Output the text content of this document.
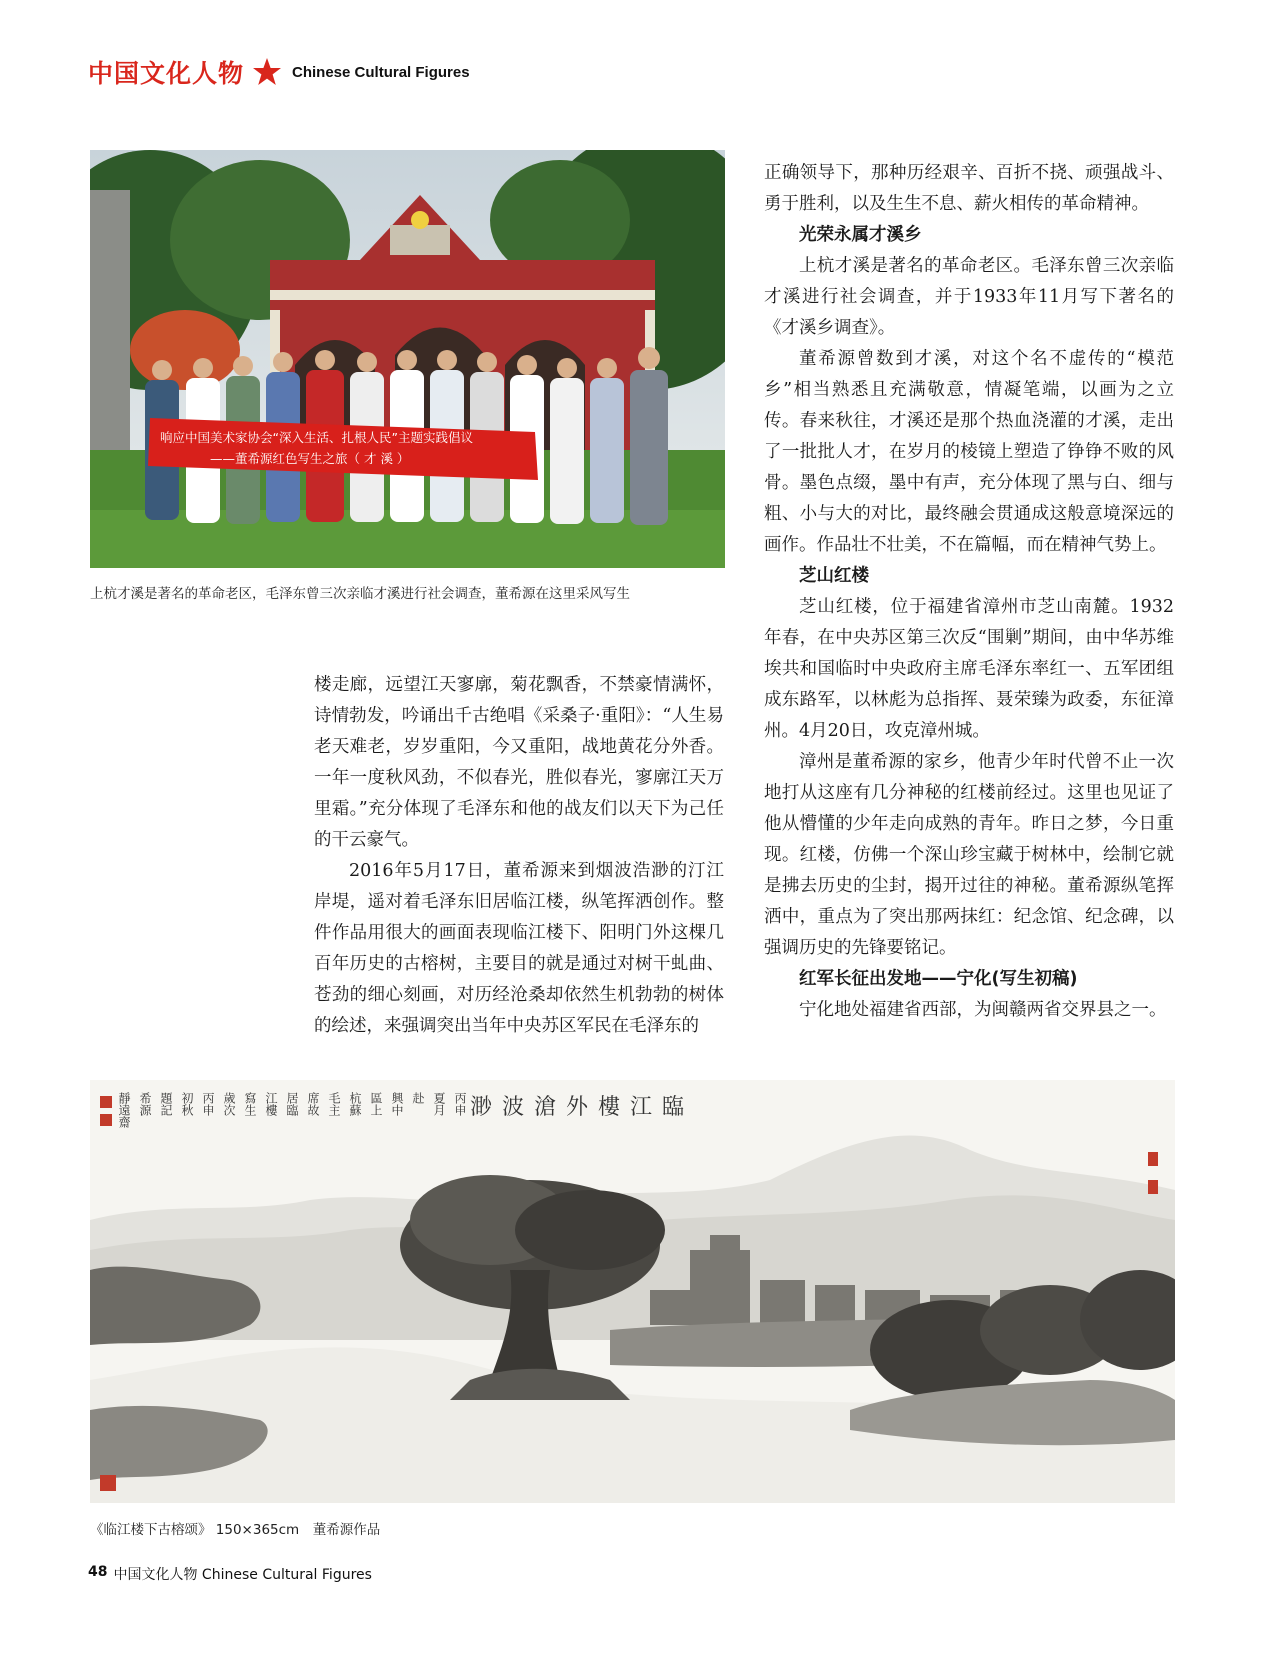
中国文化人物	Chinese Cultural Figures
响应中国美术家协会“深入生活、扎根人民”主题实践倡议
——董希源红色写生之旅（ 才 溪 ）
上杭才溪是著名的革命老区，毛泽东曾三次亲临才溪进行社会调查，董希源在这里采风写生

楼走廊，远望江天寥廓，菊花飘香，不禁豪情满怀，诗情勃发，吟诵出千古绝唱《采桑子·重阳》：“人生易老天难老，岁岁重阳，今又重阳，战地黄花分外香。一年一度秋风劲，不似春光，胜似春光，寥廓江天万里霜。”充分体现了毛泽东和他的战友们以天下为己任的干云豪气。

2016年5月17日，董希源来到烟波浩渺的汀江岸堤，遥对着毛泽东旧居临江楼，纵笔挥洒创作。整件作品用很大的画面表现临江楼下、阳明门外这棵几百年历史的古榕树，主要目的就是通过对树干虬曲、苍劲的细心刻画，对历经沧桑却依然生机勃勃的树体的绘述，来强调突出当年中央苏区军民在毛泽东的

正确领导下，那种历经艰辛、百折不挠、顽强战斗、勇于胜利，以及生生不息、薪火相传的革命精神。

光荣永属才溪乡

上杭才溪是著名的革命老区。毛泽东曾三次亲临才溪进行社会调查，并于1933年11月写下著名的《才溪乡调查》。

董希源曾数到才溪，对这个名不虚传的“模范乡”相当熟悉且充满敬意，情凝笔端，以画为之立传。春来秋往，才溪还是那个热血浇灌的才溪，走出了一批批人才，在岁月的棱镜上塑造了铮铮不败的风骨。墨色点缀，墨中有声，充分体现了黑与白、细与粗、小与大的对比，最终融会贯通成这般意境深远的画作。作品壮不壮美，不在篇幅，而在精神气势上。

芝山红楼

芝山红楼，位于福建省漳州市芝山南麓。1932年春，在中央苏区第三次反“围剿”期间，由中华苏维埃共和国临时中央政府主席毛泽东率红一、五军团组成东路军，以林彪为总指挥、聂荣臻为政委，东征漳州。4月20日，攻克漳州城。

漳州是董希源的家乡，他青少年时代曾不止一次地打从这座有几分神秘的红楼前经过。这里也见证了他从懵懂的少年走向成熟的青年。昨日之梦，今日重现。红楼，仿佛一个深山珍宝藏于树林中，绘制它就是拂去历史的尘封，揭开过往的神秘。董希源纵笔挥洒中，重点为了突出那两抹红：纪念馆、纪念碑，以强调历史的先锋要铭记。

红军长征出发地——宁化(写生初稿)

宁化地处福建省西部，为闽赣两省交界县之一。

臨江樓外滄波渺
丙申
夏月
赴
興中
區上
杭蘇
毛主
席故
居臨
江樓
寫生
歲次
丙申
初秋
題記
希源
靜遠齋
《临江楼下古榕颂》 150×365cm　董希源作品
48 中国文化人物 Chinese Cultural Figures
